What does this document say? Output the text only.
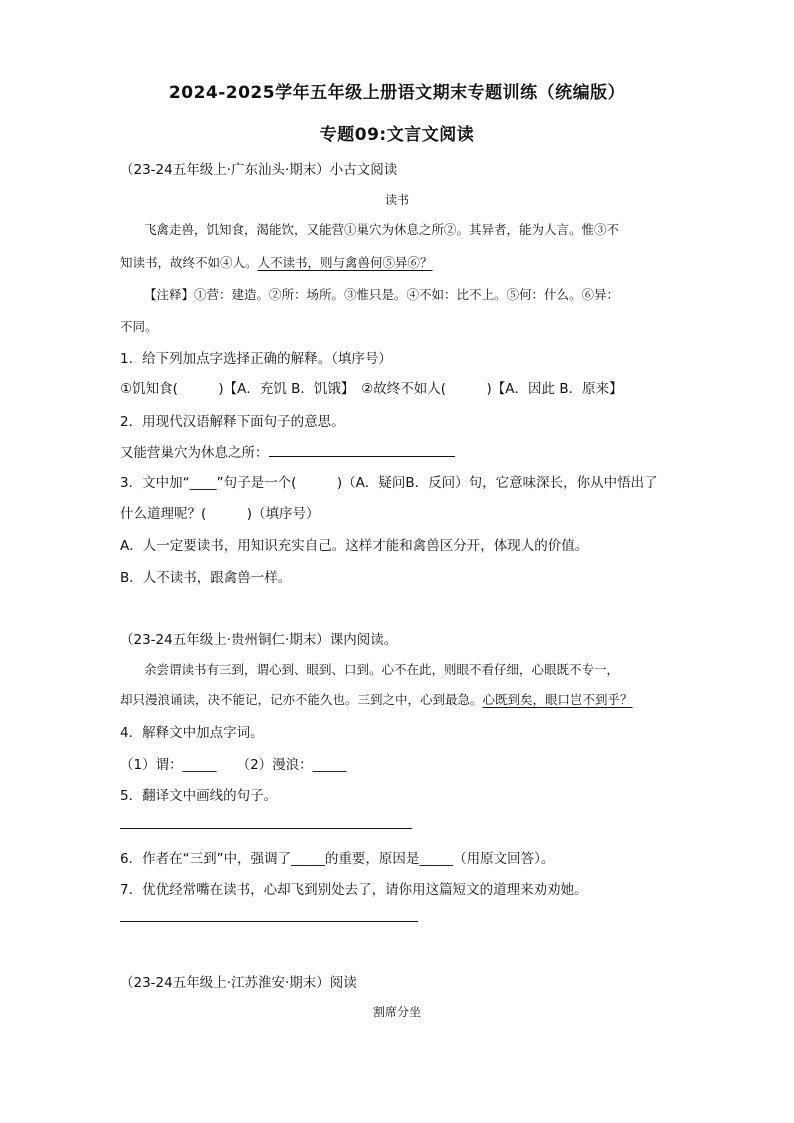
2024-2025学年五年级上册语文期末专题训练（统编版）
专题09:文言文阅读
（23-24五年级上·广东汕头·期末）小古文阅读
读书
飞禽走兽，饥知食，渴能饮，又能营①巢穴为休息之所②。其异者，能为人言。惟③不
知读书，故终不如④人。人不读书，则与禽兽何⑤异⑥？
【注释】①营：建造。②所：场所。③惟只是。④不如：比不上。⑤何：什么。⑥异：
不同。
1．给下列加点字选择正确的解释。（填序号）
①饥知食(　　　)【A．充饥 B．饥饿】　②故终不如人(　　　)【A．因此 B．原来】
2．用现代汉语解释下面句子的意思。
又能营巢穴为休息之所：
3．文中加“____”句子是一个(　　　)（A．疑问B．反问）句，它意味深长，你从中悟出了
什么道理呢？(　　　)（填序号）
A．人一定要读书，用知识充实自己。这样才能和禽兽区分开，体现人的价值。
B．人不读书，跟禽兽一样。
（23-24五年级上·贵州铜仁·期末）课内阅读。
余尝谓读书有三到，谓心到、眼到、口到。心不在此，则眼不看仔细，心眼既不专一，
却只漫浪诵读，决不能记，记亦不能久也。三到之中，心到最急。心既到矣，眼口岂不到乎？
4．解释文中加点字词。
（1）谓：_____　　（2）漫浪：_____
5．翻译文中画线的句子。
6．作者在“三到”中，强调了_____的重要，原因是_____（用原文回答）。
7．优优经常嘴在读书，心却飞到别处去了，请你用这篇短文的道理来劝劝她。
（23-24五年级上·江苏淮安·期末）阅读
割席分坐
